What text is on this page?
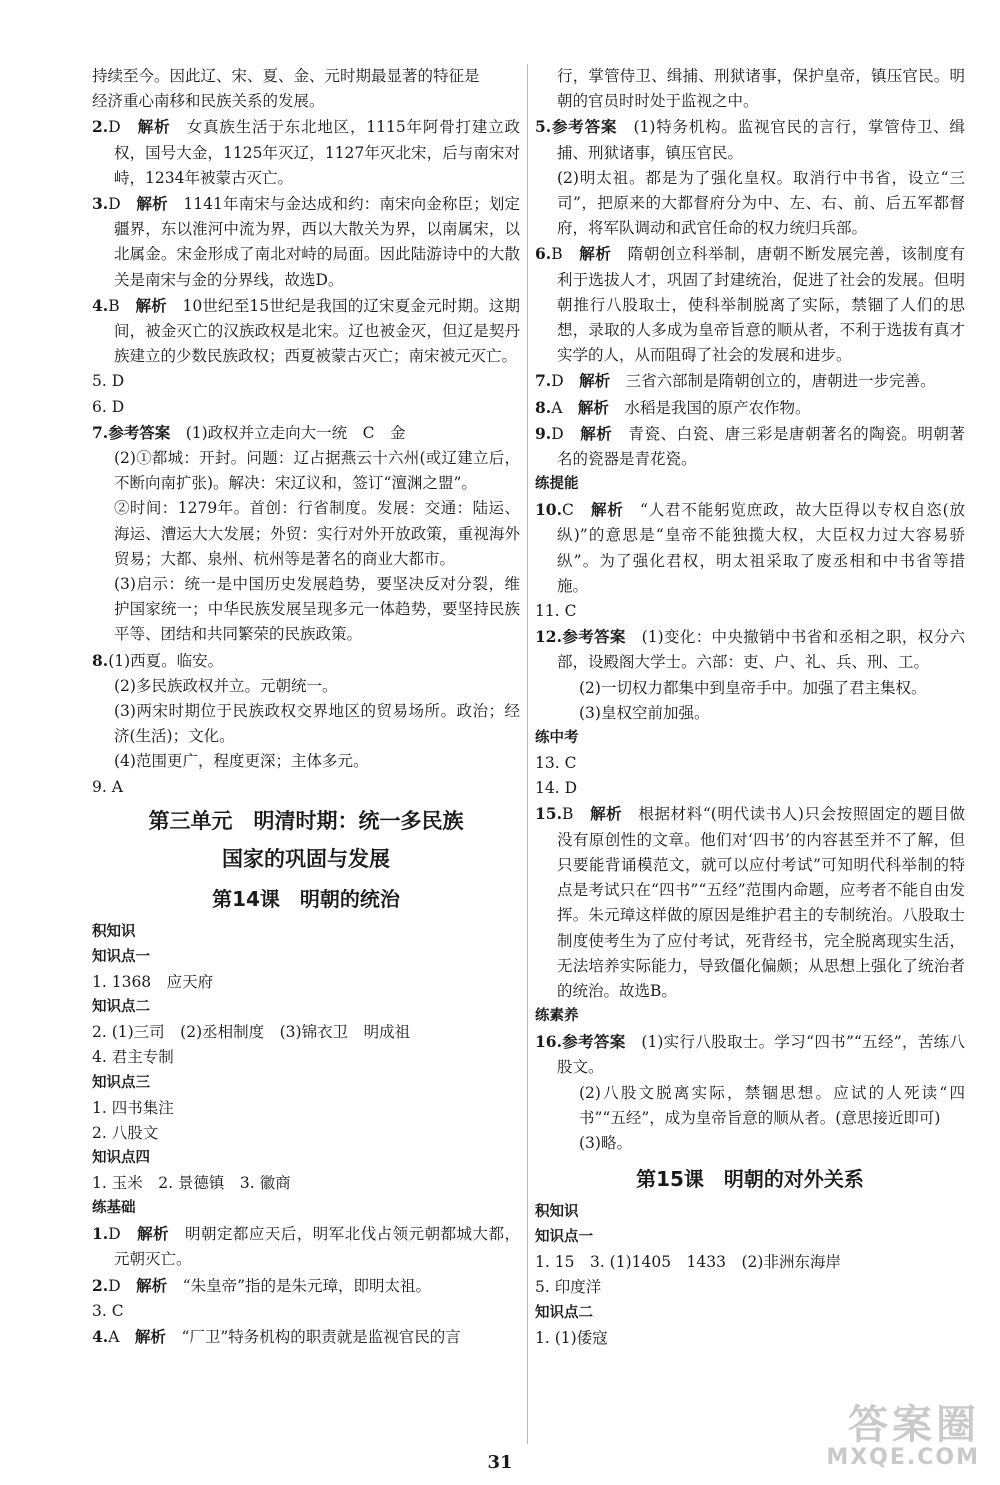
持续至今。因此辽、宋、夏、金、元时期最显著的特征是

经济重心南移和民族关系的发展。

2.D　 解析　 女真族生活于东北地区，1115年阿骨打建立政权，国号大金，1125年灭辽，1127年灭北宋，后与南宋对峙，1234年被蒙古灭亡。

3.D　 解析　 1141年南宋与金达成和约：南宋向金称臣；划定疆界，东以淮河中流为界，西以大散关为界，以南属宋，以北属金。宋金形成了南北对峙的局面。因此陆游诗中的大散关是南宋与金的分界线，故选D。

4.B　 解析　 10世纪至15世纪是我国的辽宋夏金元时期。这期间，被金灭亡的汉族政权是北宋。辽也被金灭，但辽是契丹族建立的少数民族政权；西夏被蒙古灭亡；南宋被元灭亡。

5. D

6. D

7.参考答案　 (1)政权并立走向大一统　C　金

(2)①都城：开封。问题：辽占据燕云十六州(或辽建立后，不断向南扩张)。解决：宋辽议和，签订“澶渊之盟”。

②时间：1279年。首创：行省制度。发展：交通：陆运、海运、漕运大大发展；外贸：实行对外开放政策，重视海外贸易；大都、泉州、杭州等是著名的商业大都市。

(3)启示：统一是中国历史发展趋势，要坚决反对分裂，维护国家统一；中华民族发展呈现多元一体趋势，要坚持民族平等、团结和共同繁荣的民族政策。

8.(1)西夏。临安。

(2)多民族政权并立。元朝统一。

(3)两宋时期位于民族政权交界地区的贸易场所。政治；经济(生活)；文化。

(4)范围更广，程度更深；主体多元。

9. A

第三单元　明清时期：统一多民族
国家的巩固与发展
第14课　明朝的统治

积知识

知识点一

1. 1368　应天府

知识点二

2. (1)三司　(2)丞相制度　(3)锦衣卫　明成祖

4. 君主专制

知识点三

1. 四书集注

2. 八股文

知识点四

1. 玉米　2. 景德镇　3. 徽商

练基础

1.D　 解析　 明朝定都应天后，明军北伐占领元朝都城大都，元朝灭亡。

2.D　 解析　 “朱皇帝”指的是朱元璋，即明太祖。

3. C

4.A　 解析　 “厂卫”特务机构的职责就是监视官民的言

行，掌管侍卫、缉捕、刑狱诸事，保护皇帝，镇压官民。明朝的官员时时处于监视之中。

5.参考答案　 (1)特务机构。监视官民的言行，掌管侍卫、缉捕、刑狱诸事，镇压官民。

(2)明太祖。都是为了强化皇权。取消行中书省，设立“三司”，把原来的大都督府分为中、左、右、前、后五军都督府，将军队调动和武官任命的权力统归兵部。

6.B　 解析　 隋朝创立科举制，唐朝不断发展完善，该制度有利于选拔人才，巩固了封建统治，促进了社会的发展。但明朝推行八股取士，使科举制脱离了实际，禁锢了人们的思想，录取的人多成为皇帝旨意的顺从者，不利于选拔有真才实学的人，从而阻碍了社会的发展和进步。

7.D　 解析　 三省六部制是隋朝创立的，唐朝进一步完善。

8.A　 解析　 水稻是我国的原产农作物。

9.D　 解析　 青瓷、白瓷、唐三彩是唐朝著名的陶瓷。明朝著名的瓷器是青花瓷。

练提能

10.C　 解析　 “人君不能躬览庶政，故大臣得以专权自恣(放纵)”的意思是“皇帝不能独揽大权，大臣权力过大容易骄纵”。为了强化君权，明太祖采取了废丞相和中书省等措施。

11. C

12.参考答案　 (1)变化：中央撤销中书省和丞相之职，权分六部，设殿阁大学士。六部：吏、户、礼、兵、刑、工。

(2)一切权力都集中到皇帝手中。加强了君主集权。

(3)皇权空前加强。

练中考

13. C

14. D

15.B　 解析　 根据材料“(明代读书人)只会按照固定的题目做没有原创性的文章。他们对‘四书’的内容甚至并不了解，但只要能背诵模范文，就可以应付考试”可知明代科举制的特点是考试只在“四书”“五经”范围内命题，应考者不能自由发挥。朱元璋这样做的原因是维护君主的专制统治。八股取士制度使考生为了应付考试，死背经书，完全脱离现实生活，无法培养实际能力，导致僵化偏颇；从思想上强化了统治者的统治。故选B。

练素养

16.参考答案　 (1)实行八股取士。学习“四书”“五经”，苦练八股文。

(2)八股文脱离实际，禁锢思想。应试的人死读“四书”“五经”，成为皇帝旨意的顺从者。(意思接近即可)

(3)略。

第15课　明朝的对外关系

积知识

知识点一

1. 15　3. (1)1405　1433　(2)非洲东海岸

5. 印度洋

知识点二

1. (1)倭寇

31
答案圈
MXQE.COM
